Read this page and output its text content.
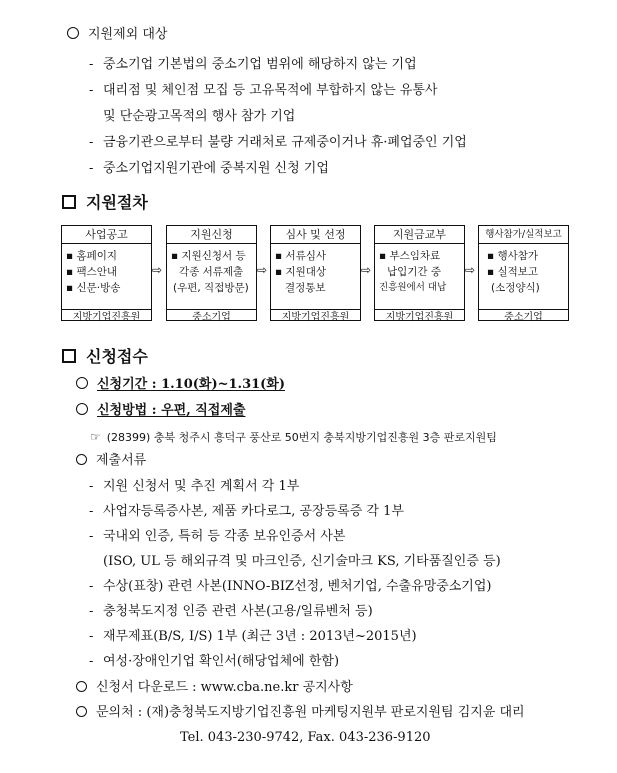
지원제외 대상
- 중소기업 기본법의 중소기업 범위에 해당하지 않는 기업
- 대리점 및 체인점 모집 등 고유목적에 부합하지 않는 유통사
및 단순광고목적의 행사 참가 기업
- 금융기관으로부터 불량 거래처로 규제중이거나 휴·폐업중인 기업
- 중소기업지원기관에 중복지원 신청 기업
지원절차
사업공고
▪ 홈페이지
▪ 팩스안내
▪ 신문·방송
지방기업진흥원
⇨
지원신청
▪ 지원신청서 등
각종 서류제출
(우편, 직접방문)
중소기업
⇨
심사 및 선정
▪ 서류심사
▪ 지원대상
결정통보
지방기업진흥원
⇨
지원금교부
▪ 부스임차료
납입기간 중
진흥원에서 대납
지방기업진흥원
⇨
행사참가/실적보고
▪ 행사참가
▪ 실적보고
(소정양식)
중소기업
신청접수
신청기간 : 1.10(화)~1.31(화)
신청방법 : 우편, 직접제출
☞ (28399) 충북 청주시 흥덕구 풍산로 50번지 충북지방기업진흥원 3층 판로지원팀
제출서류
- 지원 신청서 및 추진 계획서 각 1부
- 사업자등록증사본, 제품 카다로그, 공장등록증 각 1부
- 국내외 인증, 특허 등 각종 보유인증서 사본
(ISO, UL 등 해외규격 및 마크인증, 신기술마크 KS, 기타품질인증 등)
- 수상(표창) 관련 사본(INNO-BIZ선정, 벤처기업, 수출유망중소기업)
- 충청북도지정 인증 관련 사본(고용/일류벤처 등)
- 재무제표(B/S, I/S) 1부 (최근 3년 : 2013년~2015년)
- 여성·장애인기업 확인서(해당업체에 한함)
신청서 다운로드 : www.cba.ne.kr 공지사항
문의처 : (재)충청북도지방기업진흥원 마케팅지원부 판로지원팀 김지윤 대리
Tel. 043-230-9742, Fax. 043-236-9120
